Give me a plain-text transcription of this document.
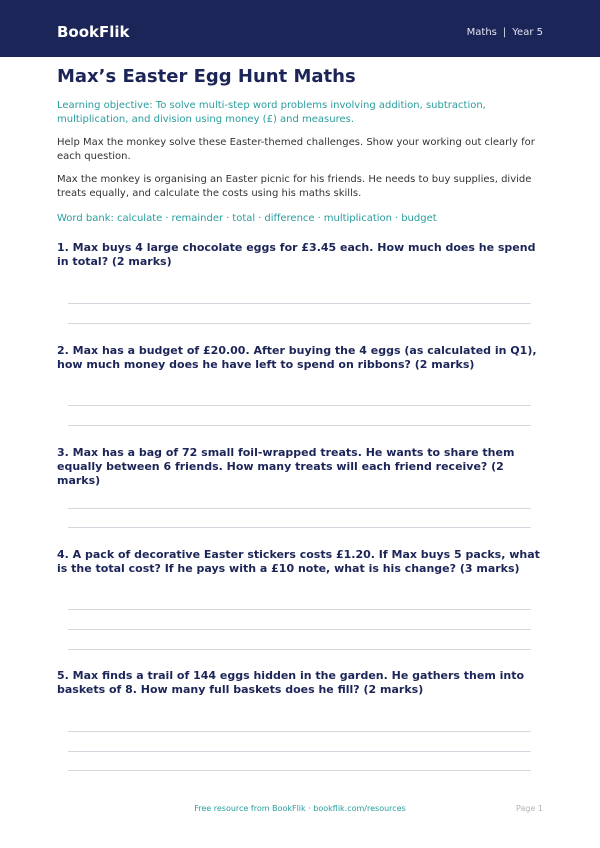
BookFlik	Maths | Year 5
Max’s Easter Egg Hunt Maths

Learning objective: To solve multi-step word problems involving addition, subtraction, multiplication, and division using money (£) and measures.

Help Max the monkey solve these Easter-themed challenges. Show your working out clearly for each question.

Max the monkey is organising an Easter picnic for his friends. He needs to buy supplies, divide treats equally, and calculate the costs using his maths skills.

Word bank: calculate · remainder · total · difference · multiplication · budget

1. Max buys 4 large chocolate eggs for £3.45 each. How much does he spend in total? (2 marks)
2. Max has a budget of £20.00. After buying the 4 eggs (as calculated in Q1), how much money does he have left to spend on ribbons? (2 marks)
3. Max has a bag of 72 small foil-wrapped treats. He wants to share them equally between 6 friends. How many treats will each friend receive? (2 marks)
4. A pack of decorative Easter stickers costs £1.20. If Max buys 5 packs, what is the total cost? If he pays with a £10 note, what is his change? (3 marks)
5. Max finds a trail of 144 eggs hidden in the garden. He gathers them into baskets of 8. How many full baskets does he fill? (2 marks)
Free resource from BookFlik · bookflik.com/resources	Page 1
